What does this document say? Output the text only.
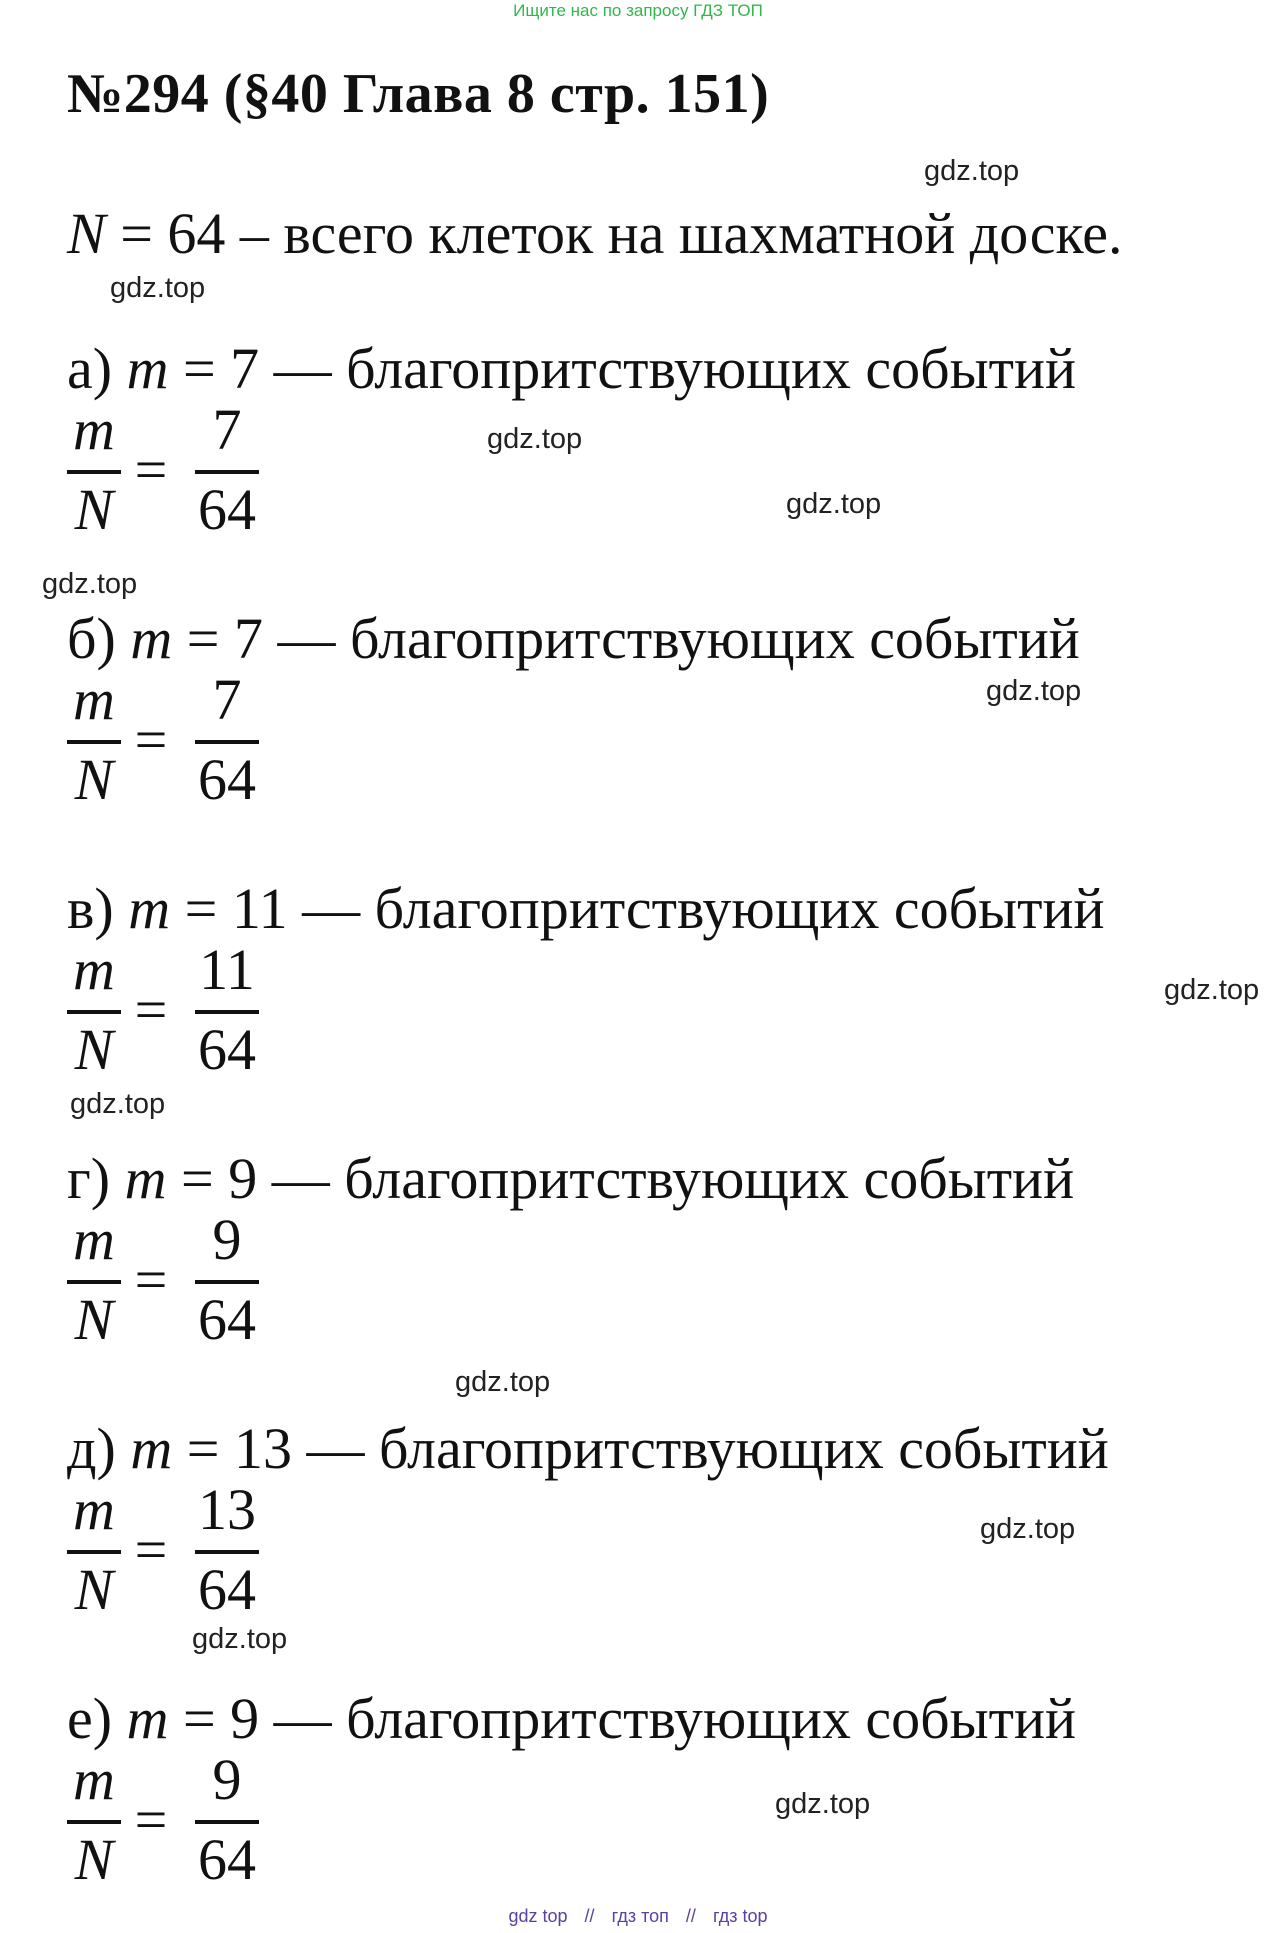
Ищите нас по запросу ГДЗ ТОП
№294 (§40 Глава 8 стр. 151)
N = 64 – всего клеток на шахматной доске.
а) m = 7 — благопритствующих событий
m
N
=
7
64
б) m = 7 — благопритствующих событий
m
N
=
7
64
в) m = 11 — благопритствующих событий
m
N
=
11
64
г) m = 9 — благопритствующих событий
m
N
=
9
64
д) m = 13 — благопритствующих событий
m
N
=
13
64
е) m = 9 — благопритствующих событий
m
N
=
9
64
gdz.top
gdz.top
gdz.top
gdz.top
gdz.top
gdz.top
gdz.top
gdz.top
gdz.top
gdz.top
gdz.top
gdz.top
gdz top // гдз топ // гдз top
